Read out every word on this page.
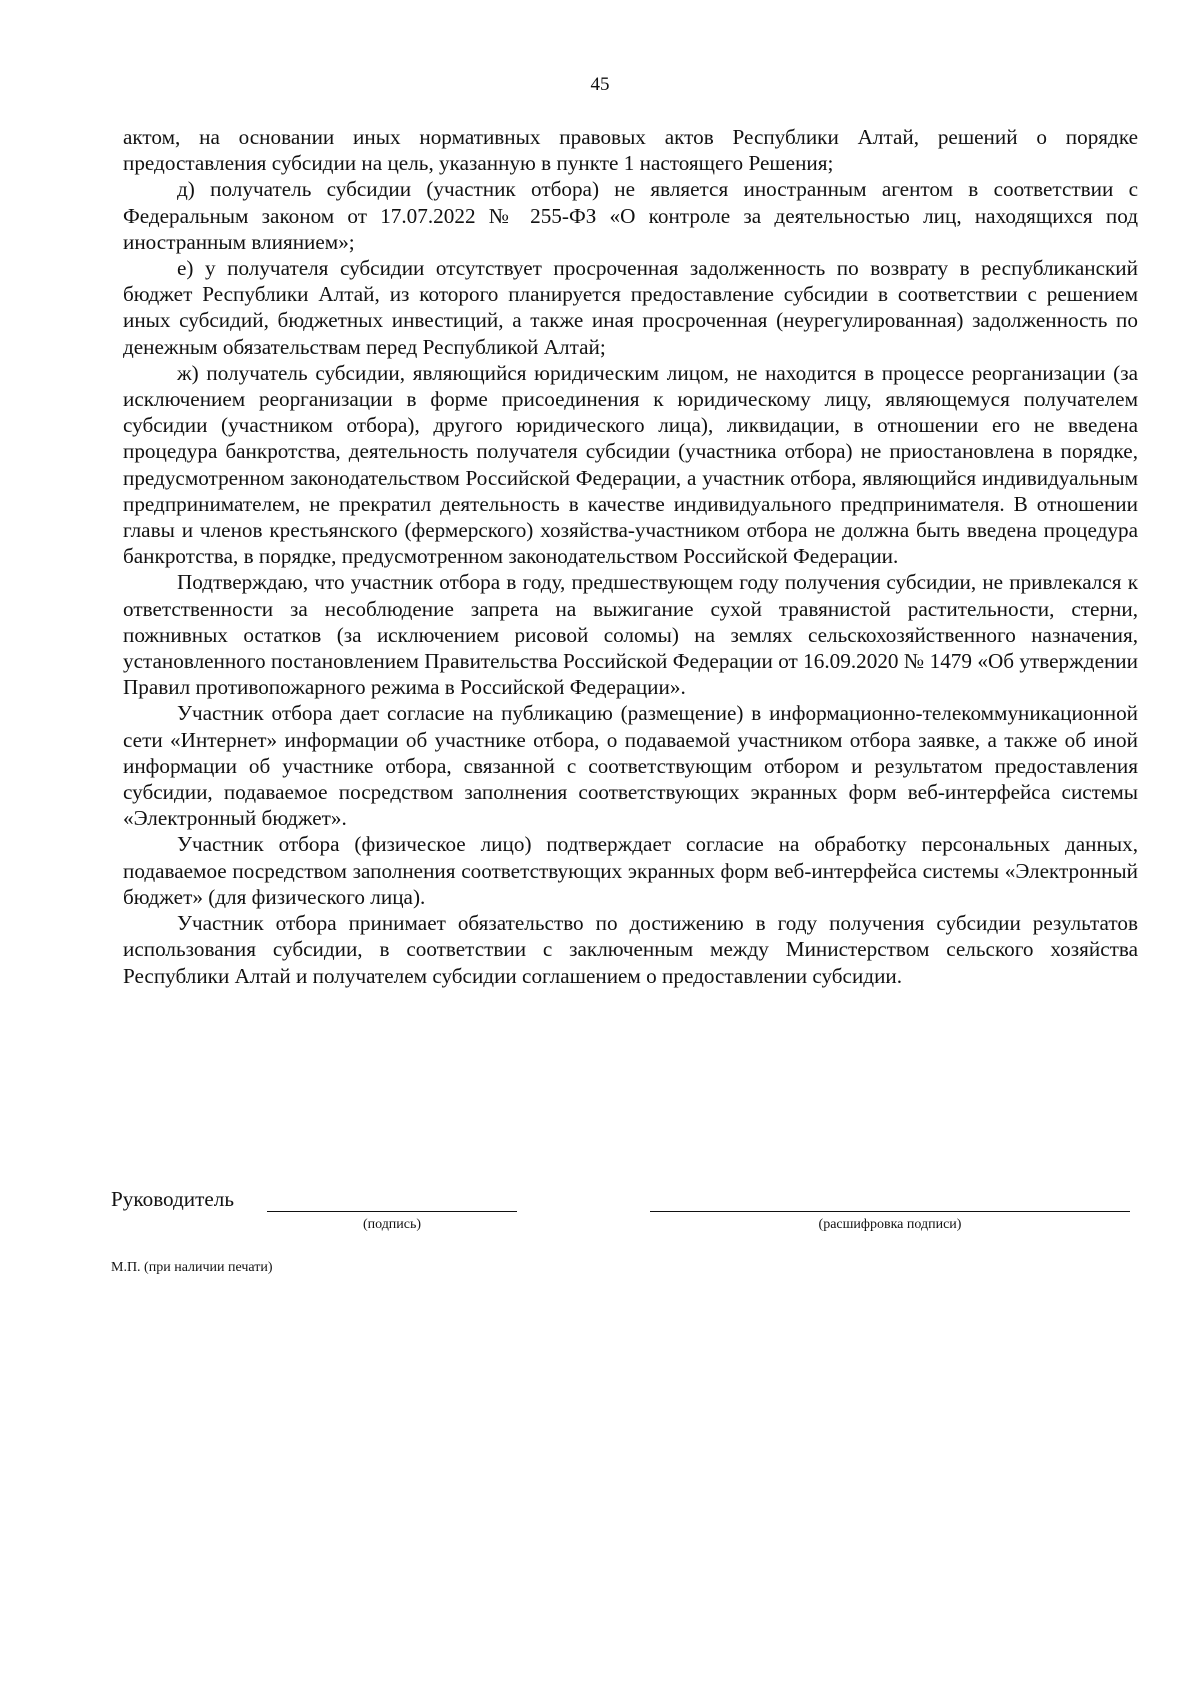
45

актом, на основании иных нормативных правовых актов Республики Алтай, решений о порядке предоставления субсидии на цель, указанную в пункте 1 настоящего Решения;

д) получатель субсидии (участник отбора) не является иностранным агентом в соответствии с Федеральным законом от 17.07.2022 № 255-ФЗ «О контроле за деятельностью лиц, находящихся под иностранным влиянием»;

е) у получателя субсидии отсутствует просроченная задолженность по возврату в республиканский бюджет Республики Алтай, из которого планируется предоставление субсидии в соответствии с решением иных субсидий, бюджетных инвестиций, а также иная просроченная (неурегулированная) задолженность по денежным обязательствам перед Республикой Алтай;

ж) получатель субсидии, являющийся юридическим лицом, не находится в процессе реорганизации (за исключением реорганизации в форме присоединения к юридическому лицу, являющемуся получателем субсидии (участником отбора), другого юридического лица), ликвидации, в отношении его не введена процедура банкротства, деятельность получателя субсидии (участника отбора) не приостановлена в порядке, предусмотренном законодательством Российской Федерации, а участник отбора, являющийся индивидуальным предпринимателем, не прекратил деятельность в качестве индивидуального предпринимателя. В отношении главы и членов крестьянского (фермерского) хозяйства-участником отбора не должна быть введена процедура банкротства, в порядке, предусмотренном законодательством Российской Федерации.

Подтверждаю, что участник отбора в году, предшествующем году получения субсидии, не привлекался к ответственности за несоблюдение запрета на выжигание сухой травянистой растительности, стерни, пожнивных остатков (за исключением рисовой соломы) на землях сельскохозяйственного назначения, установленного постановлением Правительства Российской Федерации от 16.09.2020 № 1479 «Об утверждении Правил противопожарного режима в Российской Федерации».

Участник отбора дает согласие на публикацию (размещение) в информационно-телекоммуникационной сети «Интернет» информации об участнике отбора, о подаваемой участником отбора заявке, а также об иной информации об участнике отбора, связанной с соответствующим отбором и результатом предоставления субсидии, подаваемое посредством заполнения соответствующих экранных форм веб-интерфейса системы «Электронный бюджет».

Участник отбора (физическое лицо) подтверждает согласие на обработку персональных данных, подаваемое посредством заполнения соответствующих экранных форм веб-интерфейса системы «Электронный бюджет» (для физического лица).

Участник отбора принимает обязательство по достижению в году получения субсидии результатов использования субсидии, в соответствии с заключенным между Министерством сельского хозяйства Республики Алтай и получателем субсидии соглашением о предоставлении субсидии.

Руководитель
(подпись)	(расшифровка подписи)
М.П. (при наличии печати)
